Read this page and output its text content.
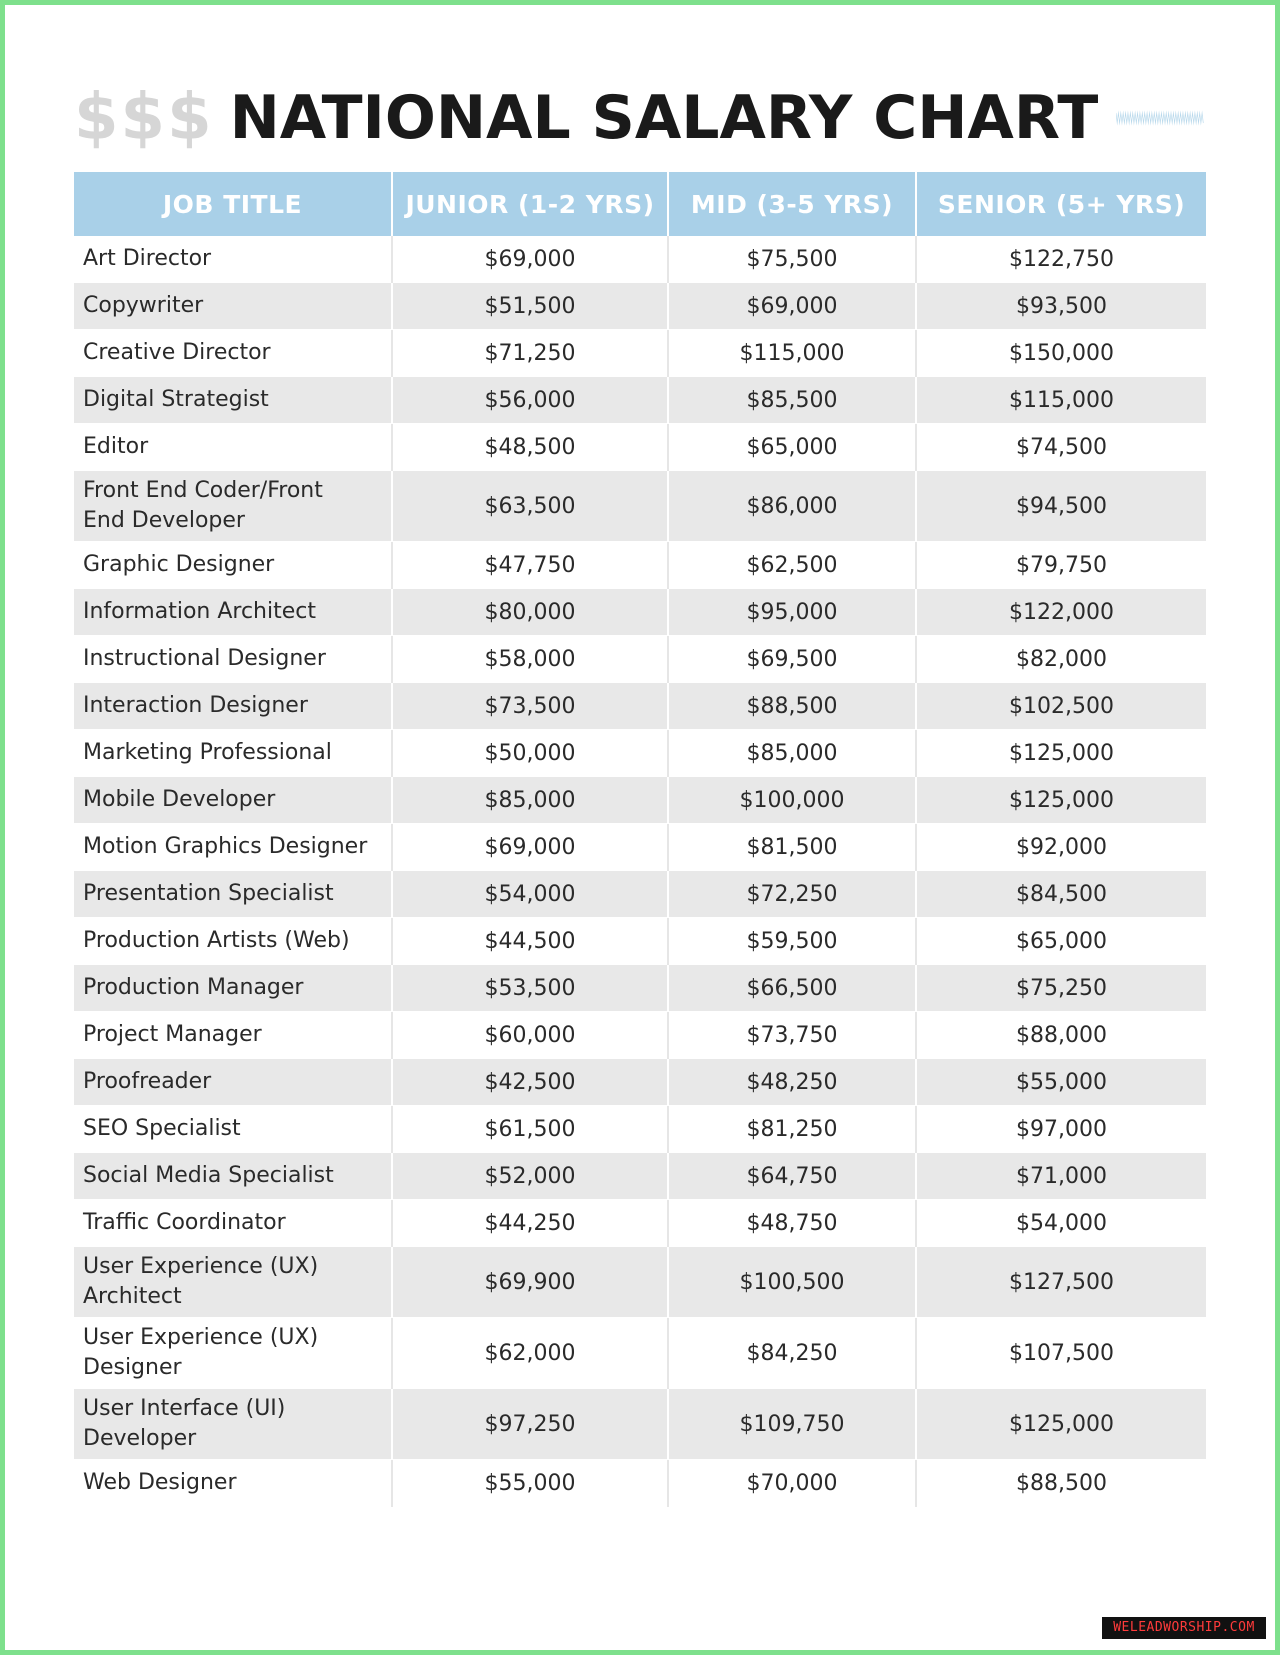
$$$ NATIONAL SALARY CHART
JOB TITLE	JUNIOR (1-2 YRS)	MID (3-5 YRS)	SENIOR (5+ YRS)
Art Director	$69,000	$75,500	$122,750
Copywriter	$51,500	$69,000	$93,500
Creative Director	$71,250	$115,000	$150,000
Digital Strategist	$56,000	$85,500	$115,000
Editor	$48,500	$65,000	$74,500
Front End Coder/Front End Developer	$63,500	$86,000	$94,500
Graphic Designer	$47,750	$62,500	$79,750
Information Architect	$80,000	$95,000	$122,000
Instructional Designer	$58,000	$69,500	$82,000
Interaction Designer	$73,500	$88,500	$102,500
Marketing Professional	$50,000	$85,000	$125,000
Mobile Developer	$85,000	$100,000	$125,000
Motion Graphics Designer	$69,000	$81,500	$92,000
Presentation Specialist	$54,000	$72,250	$84,500
Production Artists (Web)	$44,500	$59,500	$65,000
Production Manager	$53,500	$66,500	$75,250
Project Manager	$60,000	$73,750	$88,000
Proofreader	$42,500	$48,250	$55,000
SEO Specialist	$61,500	$81,250	$97,000
Social Media Specialist	$52,000	$64,750	$71,000
Traffic Coordinator	$44,250	$48,750	$54,000
User Experience (UX) Architect	$69,900	$100,500	$127,500
User Experience (UX) Designer	$62,000	$84,250	$107,500
User Interface (UI) Developer	$97,250	$109,750	$125,000
Web Designer	$55,000	$70,000	$88,500
WELEADWORSHIP.COM
